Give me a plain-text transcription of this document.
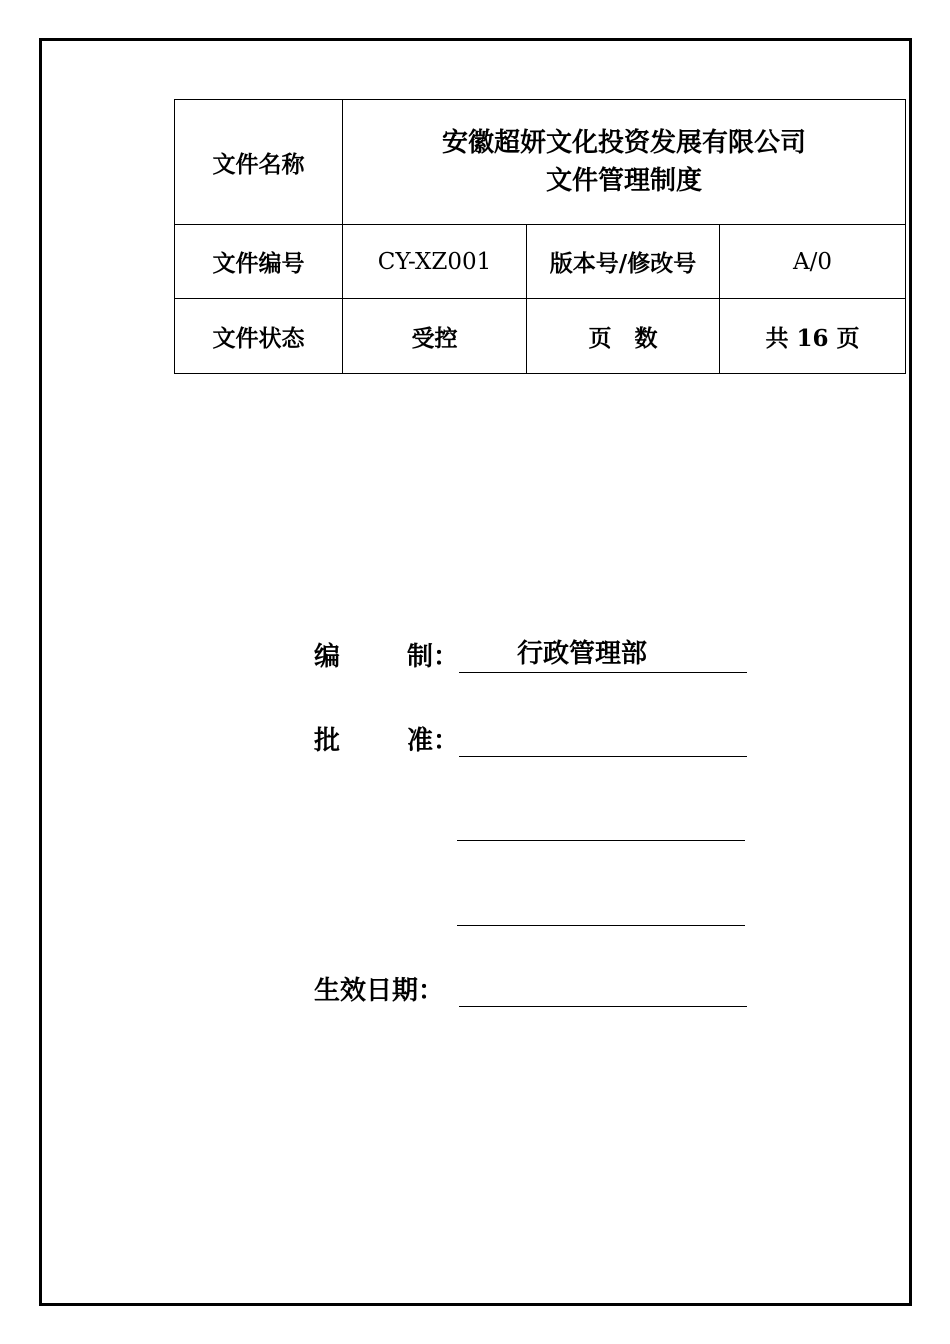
文件名称	安徽超妍文化投资发展有限公司
文件管理制度		

文件编号	CY-XZ001	版本号/修改号	A/0
文件状态	受控	页　数	共 16 页
编	制：	行政管理部
批	准：
生效日期：
